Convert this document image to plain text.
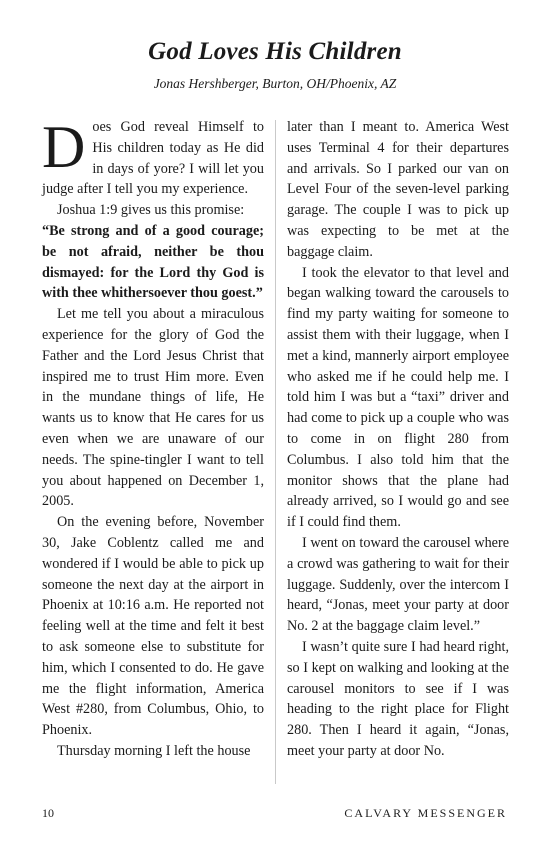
God Loves His Children
Jonas Hershberger, Burton, OH/Phoenix, AZ

Does God reveal Himself to His children today as He did in days of yore? I will let you judge after I tell you my experience.

Joshua 1:9 gives us this promise:

“Be strong and of a good courage; be not afraid, neither be thou dismayed: for the Lord thy God is with thee whithersoever thou goest.”

Let me tell you about a miraculous experience for the glory of God the Father and the Lord Jesus Christ that inspired me to trust Him more. Even in the mundane things of life, He wants us to know that He cares for us even when we are unaware of our needs. The spine-tingler I want to tell you about happened on December 1, 2005.

On the evening before, November 30, Jake Coblentz called me and wondered if I would be able to pick up someone the next day at the airport in Phoenix at 10:16 a.m. He reported not feeling well at the time and felt it best to ask someone else to substitute for him, which I consented to do. He gave me the flight information, America West #280, from Columbus, Ohio, to Phoenix.

Thursday morning I left the house

later than I meant to. America West uses Terminal 4 for their departures and arrivals. So I parked our van on Level Four of the seven-level parking garage. The couple I was to pick up was expecting to be met at the baggage claim.

I took the elevator to that level and began walking toward the carousels to find my party waiting for someone to assist them with their luggage, when I met a kind, mannerly airport employee who asked me if he could help me. I told him I was but a “taxi” driver and had come to pick up a couple who was to come in on flight 280 from Columbus. I also told him that the monitor shows that the plane had already arrived, so I would go and see if I could find them.

I went on toward the carousel where a crowd was gathering to wait for their luggage. Suddenly, over the intercom I heard, “Jonas, meet your party at door No. 2 at the baggage claim level.”

I wasn’t quite sure I had heard right, so I kept on walking and looking at the carousel monitors to see if I was heading to the right place for Flight 280. Then I heard it again, “Jonas, meet your party at door No.

10	CALVARY MESSENGER
